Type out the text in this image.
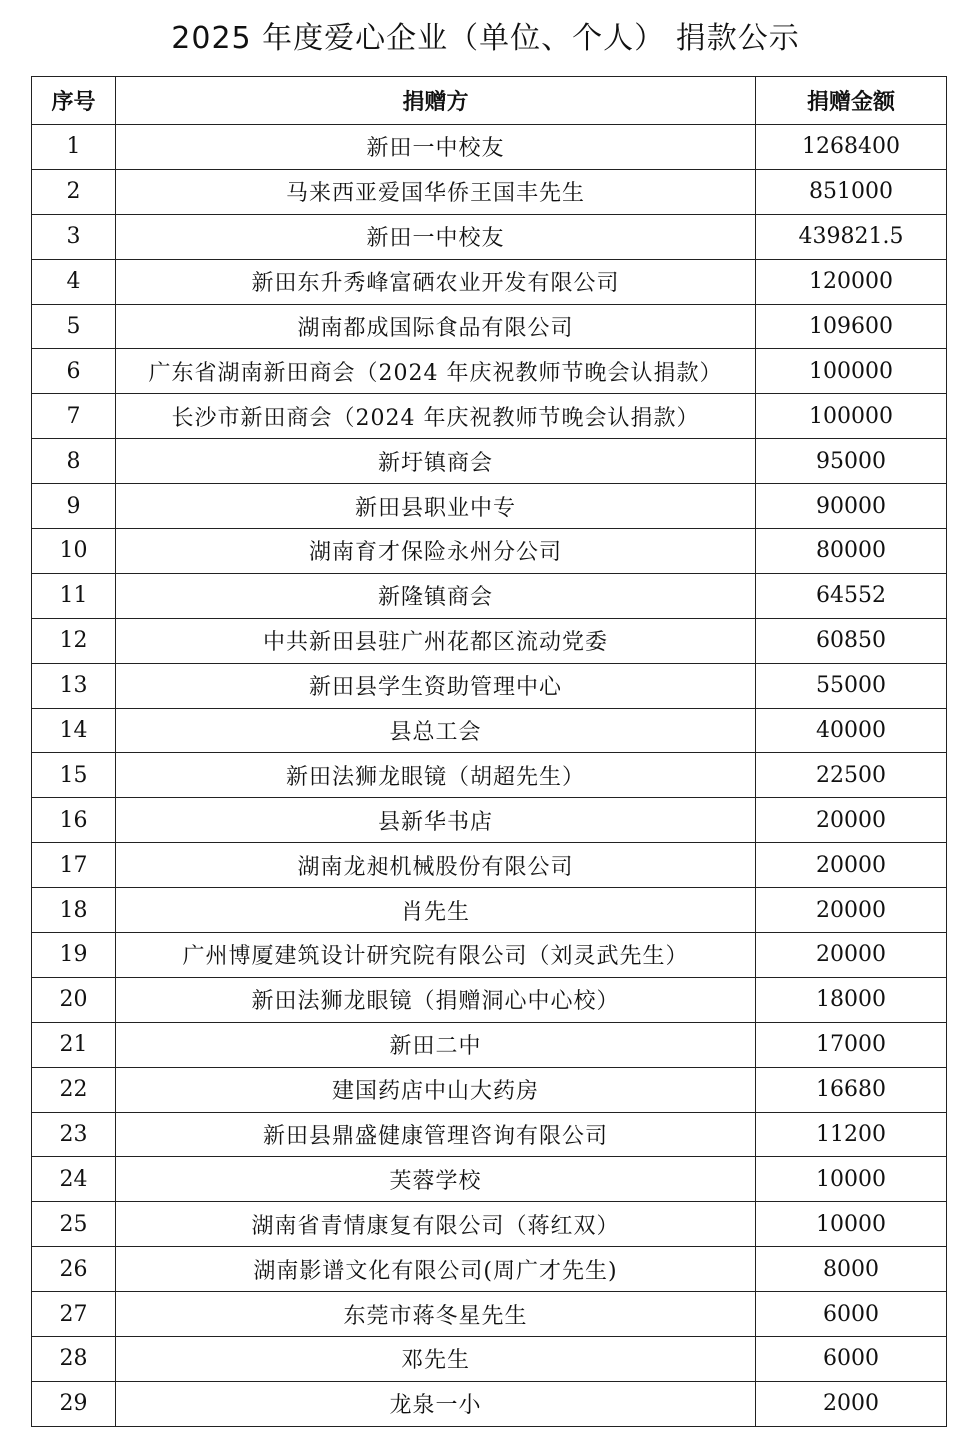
2025 年度爱心企业（单位、个人） 捐款公示
序号	捐赠方	捐赠金额
1	新田一中校友	1268400
2	马来西亚爱国华侨王国丰先生	851000
3	新田一中校友	439821.5
4	新田东升秀峰富硒农业开发有限公司	120000
5	湖南都成国际食品有限公司	109600
6	广东省湖南新田商会（2024 年庆祝教师节晚会认捐款）	100000
7	长沙市新田商会（2024 年庆祝教师节晚会认捐款）	100000
8	新圩镇商会	95000
9	新田县职业中专	90000
10	湖南育才保险永州分公司	80000
11	新隆镇商会	64552
12	中共新田县驻广州花都区流动党委	60850
13	新田县学生资助管理中心	55000
14	县总工会	40000
15	新田法狮龙眼镜（胡超先生）	22500
16	县新华书店	20000
17	湖南龙昶机械股份有限公司	20000
18	肖先生	20000
19	广州博厦建筑设计研究院有限公司（刘灵武先生）	20000
20	新田法狮龙眼镜（捐赠洞心中心校）	18000
21	新田二中	17000
22	建国药店中山大药房	16680
23	新田县鼎盛健康管理咨询有限公司	11200
24	芙蓉学校	10000
25	湖南省青情康复有限公司（蒋红双）	10000
26	湖南影谱文化有限公司(周广才先生)	8000
27	东莞市蒋冬星先生	6000
28	邓先生	6000
29	龙泉一小	2000
